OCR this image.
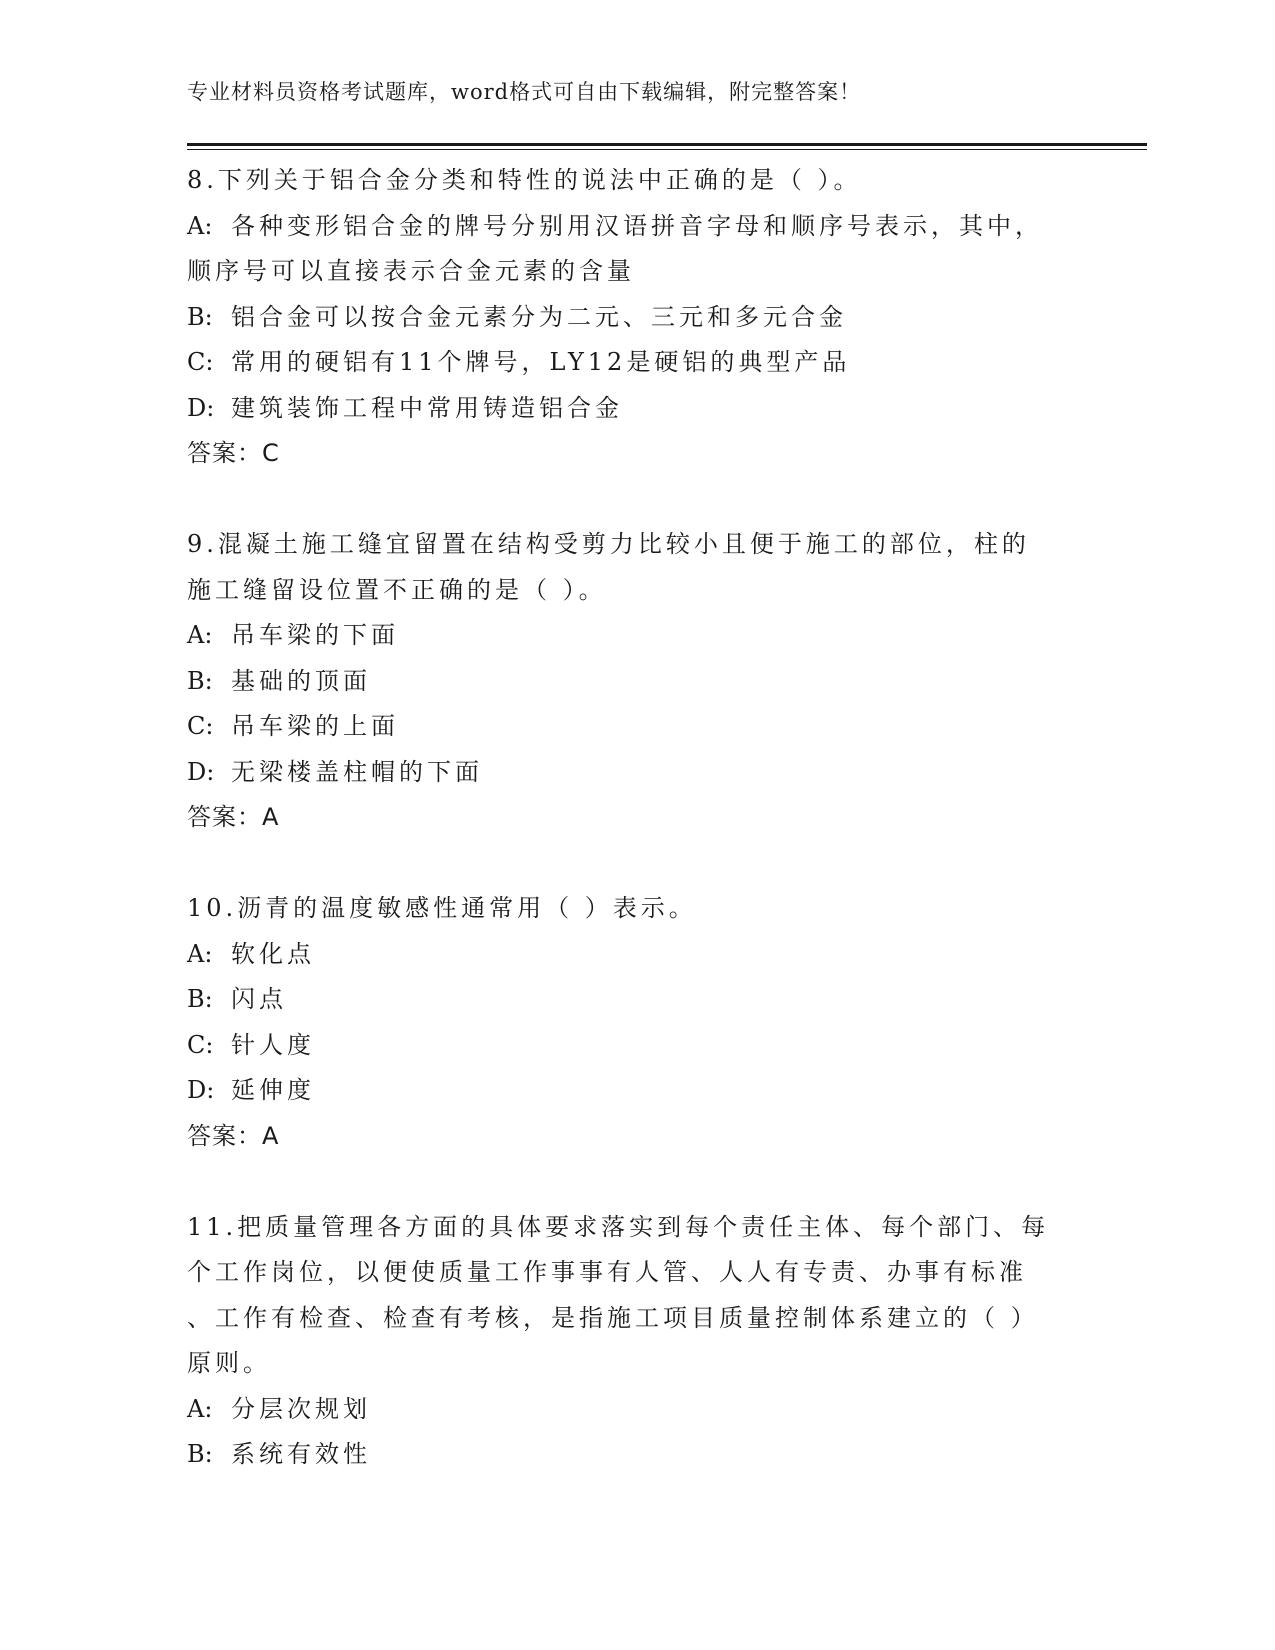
专业材料员资格考试题库，word格式可自由下载编辑，附完整答案！
8.下列关于铝合金分类和特性的说法中正确的是（ ）。
A: 各种变形铝合金的牌号分别用汉语拼音字母和顺序号表示，其中，
顺序号可以直接表示合金元素的含量
B: 铝合金可以按合金元素分为二元、三元和多元合金
C: 常用的硬铝有11个牌号，LY12是硬铝的典型产品
D: 建筑装饰工程中常用铸造铝合金
答案：C
9.混凝土施工缝宜留置在结构受剪力比较小且便于施工的部位，柱的
施工缝留设位置不正确的是（ ）。
A: 吊车梁的下面
B: 基础的顶面
C: 吊车梁的上面
D: 无梁楼盖柱帽的下面
答案：A
10.沥青的温度敏感性通常用（ ）表示。
A: 软化点
B: 闪点
C: 针人度
D: 延伸度
答案：A
11.把质量管理各方面的具体要求落实到每个责任主体、每个部门、每
个工作岗位，以便使质量工作事事有人管、人人有专责、办事有标准
、工作有检查、检查有考核，是指施工项目质量控制体系建立的（ ）
原则。
A: 分层次规划
B: 系统有效性
